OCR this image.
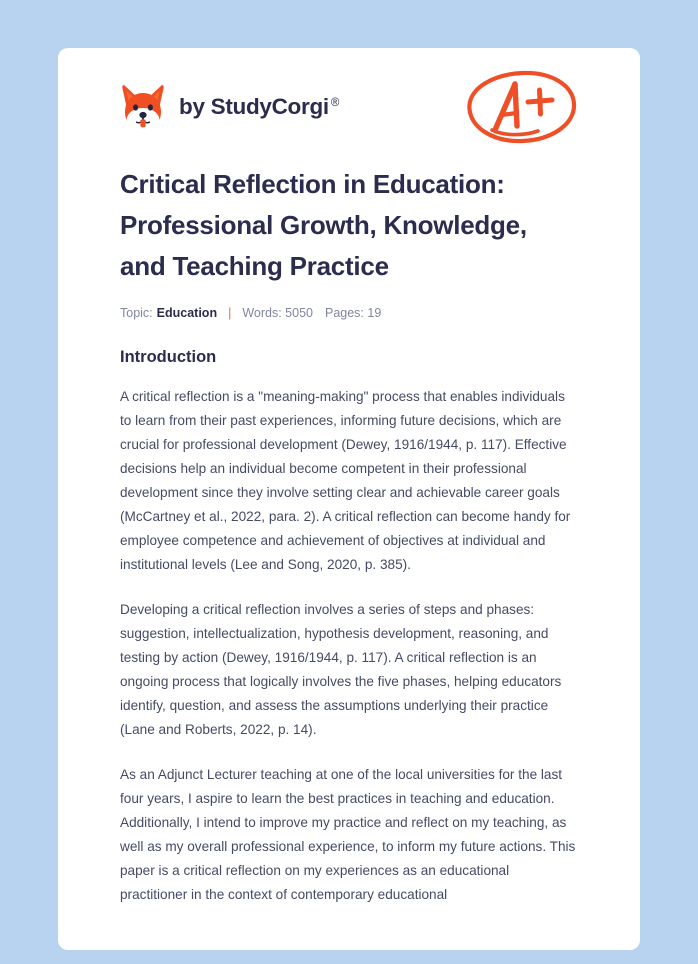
by StudyCorgi ®
Critical Reflection in Education: Professional Growth, Knowledge, and Teaching Practice
Topic: Education | Words: 5050 Pages: 19
Introduction

A critical reflection is a "meaning-making" process that enables individuals to learn from their past experiences, informing future decisions, which are crucial for professional development (Dewey, 1916/1944, p. 117). Effective decisions help an individual become competent in their professional development since they involve setting clear and achievable career goals (McCartney et al., 2022, para. 2). A critical reflection can become handy for employee competence and achievement of objectives at individual and institutional levels (Lee and Song, 2020, p. 385).

Developing a critical reflection involves a series of steps and phases: suggestion, intellectualization, hypothesis development, reasoning, and testing by action (Dewey, 1916/1944, p. 117). A critical reflection is an ongoing process that logically involves the five phases, helping educators identify, question, and assess the assumptions underlying their practice (Lane and Roberts, 2022, p. 14).

As an Adjunct Lecturer teaching at one of the local universities for the last four years, I aspire to learn the best practices in teaching and education. Additionally, I intend to improve my practice and reflect on my teaching, as well as my overall professional experience, to inform my future actions. This paper is a critical reflection on my experiences as an educational practitioner in the context of contemporary educational
